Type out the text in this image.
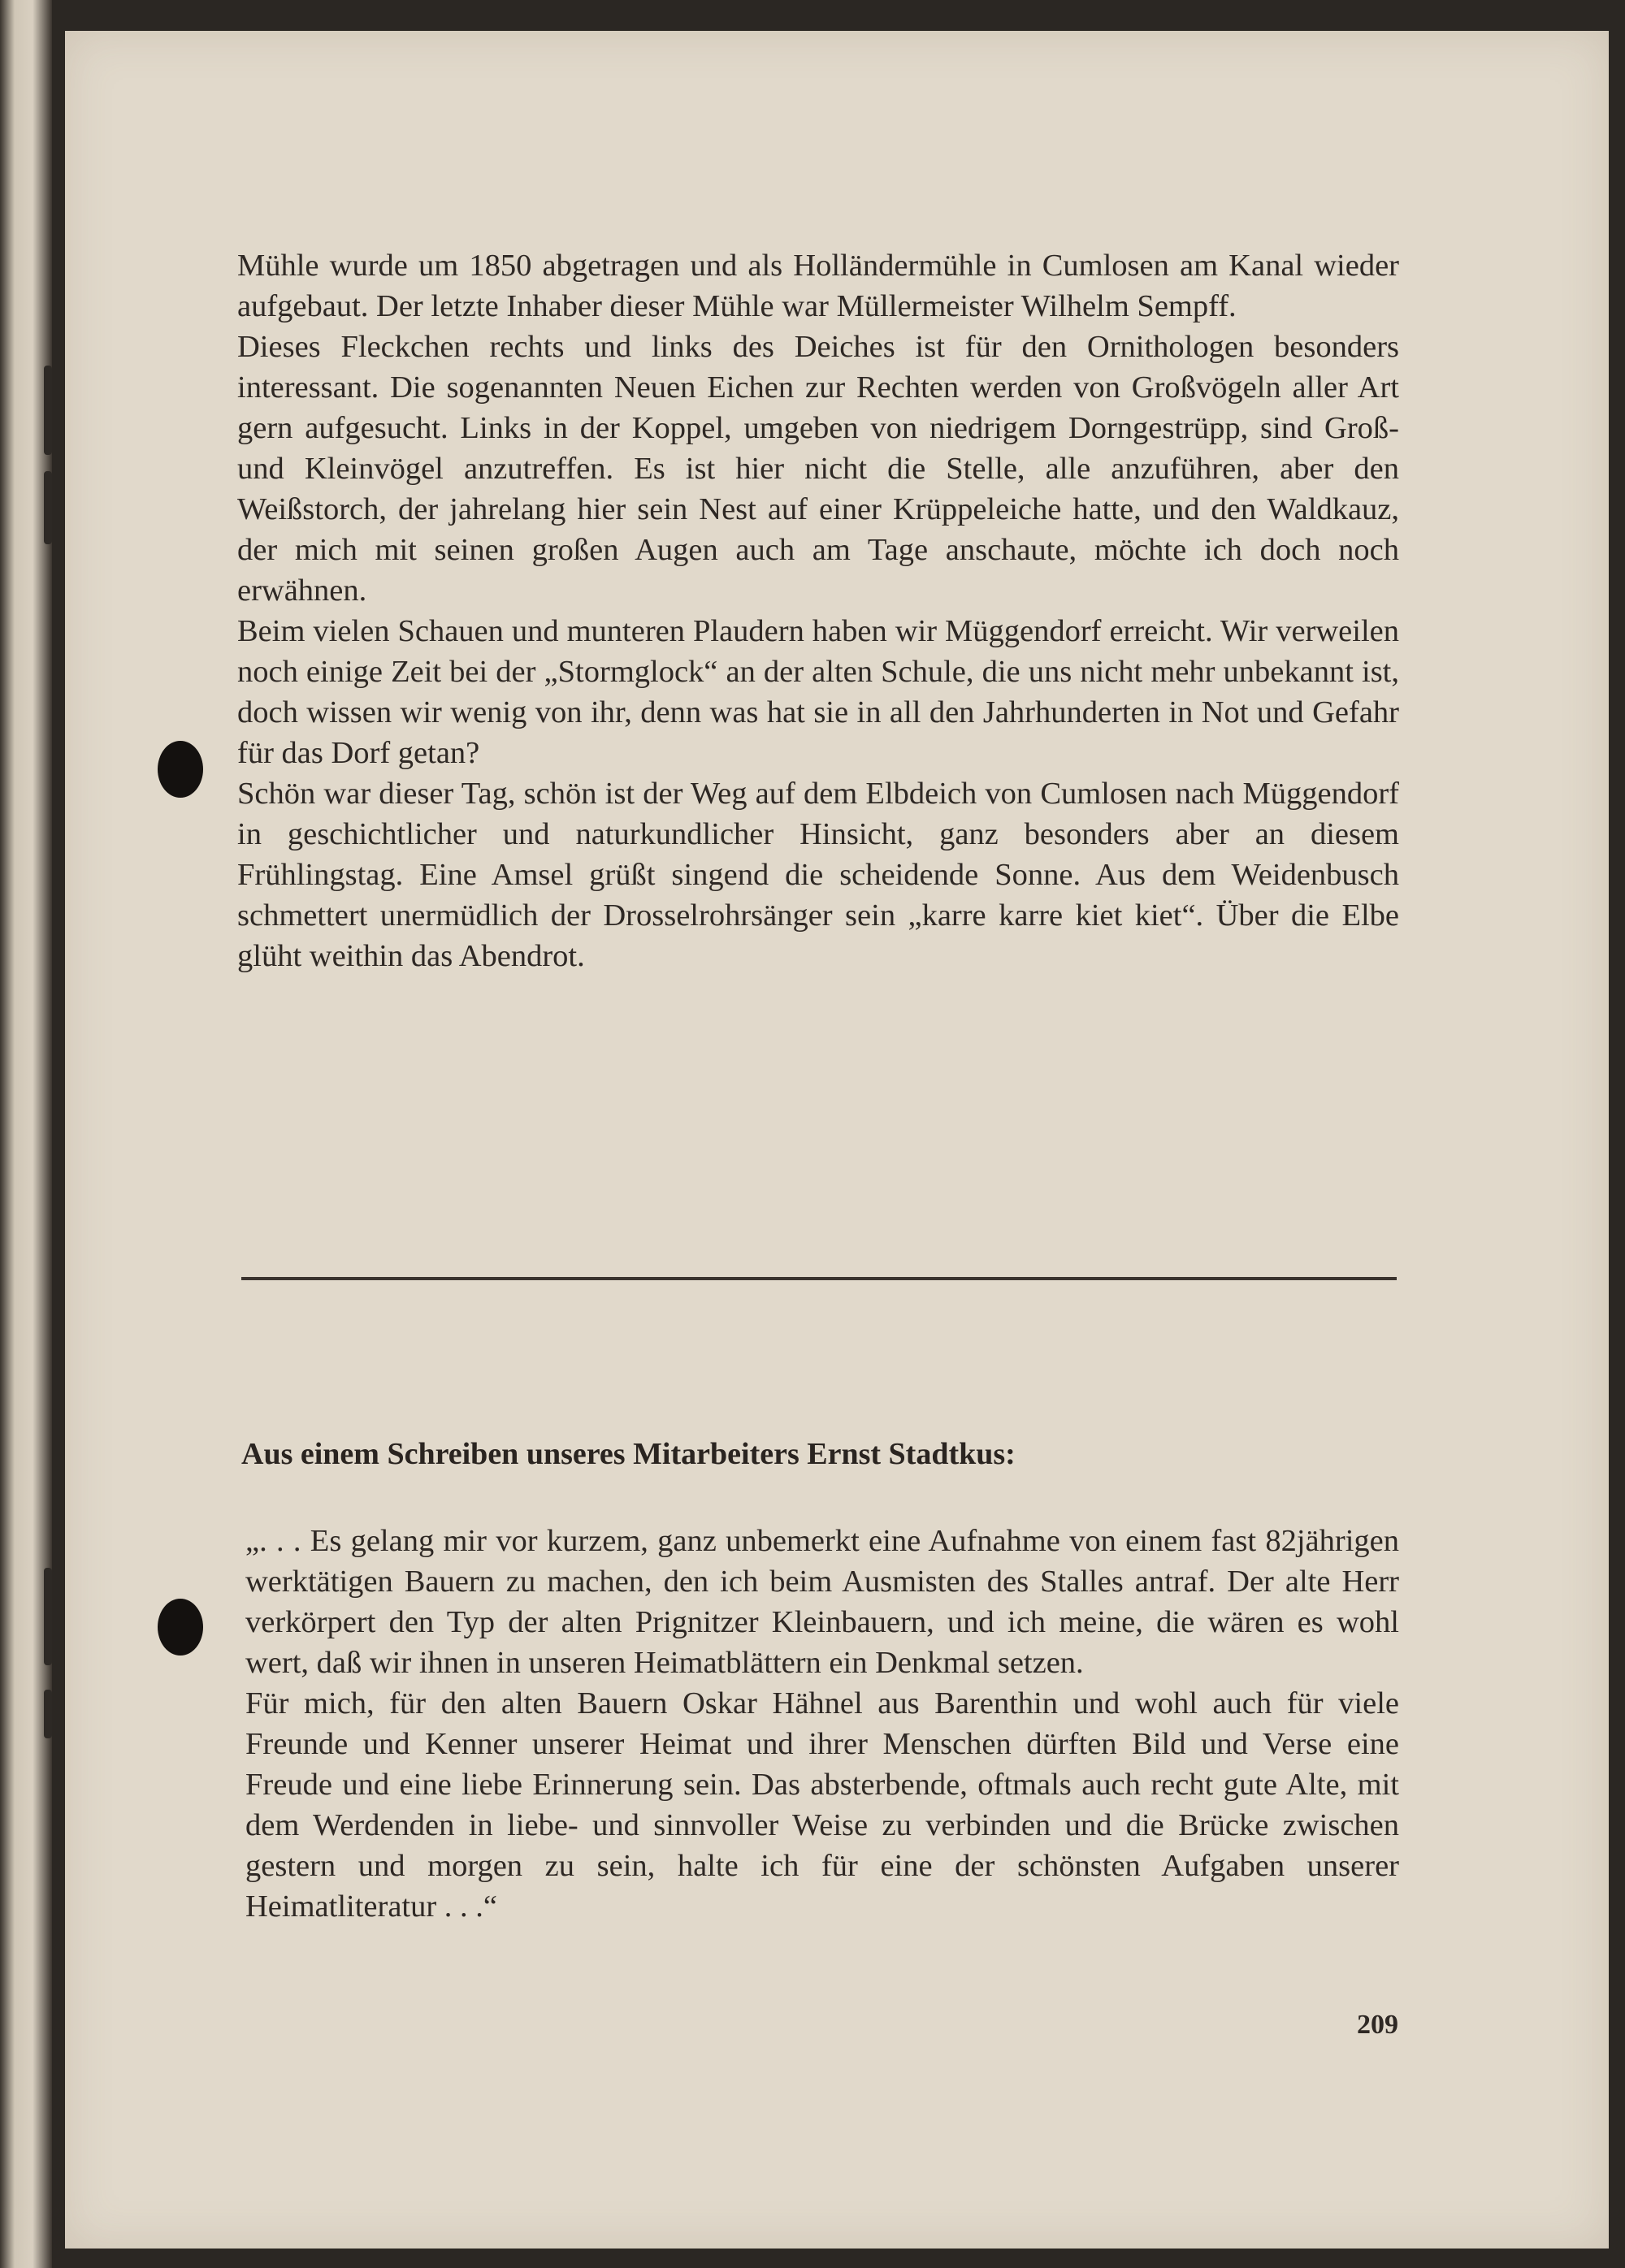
Mühle wurde um 1850 abgetragen und als Holländermühle in Cumlosen am Kanal wieder aufgebaut. Der letzte Inhaber dieser Mühle war Müllermeister Wilhelm Sempff.

Dieses Fleckchen rechts und links des Deiches ist für den Ornithologen besonders interessant. Die sogenannten Neuen Eichen zur Rechten werden von Großvögeln aller Art gern aufgesucht. Links in der Koppel, umgeben von niedrigem Dorngestrüpp, sind Groß- und Kleinvögel anzutreffen. Es ist hier nicht die Stelle, alle anzuführen, aber den Weißstorch, der jahrelang hier sein Nest auf einer Krüppeleiche hatte, und den Waldkauz, der mich mit seinen großen Augen auch am Tage anschaute, möchte ich doch noch erwähnen.

Beim vielen Schauen und munteren Plaudern haben wir Müggendorf erreicht. Wir verweilen noch einige Zeit bei der „Stormglock“ an der alten Schule, die uns nicht mehr unbekannt ist, doch wissen wir wenig von ihr, denn was hat sie in all den Jahrhunderten in Not und Gefahr für das Dorf getan?

Schön war dieser Tag, schön ist der Weg auf dem Elbdeich von Cumlosen nach Müggendorf in geschichtlicher und naturkundlicher Hinsicht, ganz besonders aber an diesem Frühlingstag. Eine Amsel grüßt singend die scheidende Sonne. Aus dem Weidenbusch schmettert unermüdlich der Drosselrohrsänger sein „karre karre kiet kiet“. Über die Elbe glüht weithin das Abendrot.

Aus einem Schreiben unseres Mitarbeiters Ernst Stadtkus:

„. . . Es gelang mir vor kurzem, ganz unbemerkt eine Aufnahme von einem fast 82jährigen werktätigen Bauern zu machen, den ich beim Ausmisten des Stalles antraf. Der alte Herr verkörpert den Typ der alten Prignitzer Kleinbauern, und ich meine, die wären es wohl wert, daß wir ihnen in unseren Heimatblättern ein Denkmal setzen.

Für mich, für den alten Bauern Oskar Hähnel aus Barenthin und wohl auch für viele Freunde und Kenner unserer Heimat und ihrer Menschen dürften Bild und Verse eine Freude und eine liebe Erinnerung sein. Das absterbende, oftmals auch recht gute Alte, mit dem Werdenden in liebe- und sinnvoller Weise zu verbinden und die Brücke zwischen gestern und morgen zu sein, halte ich für eine der schönsten Aufgaben unserer Heimatliteratur . . .“

209
